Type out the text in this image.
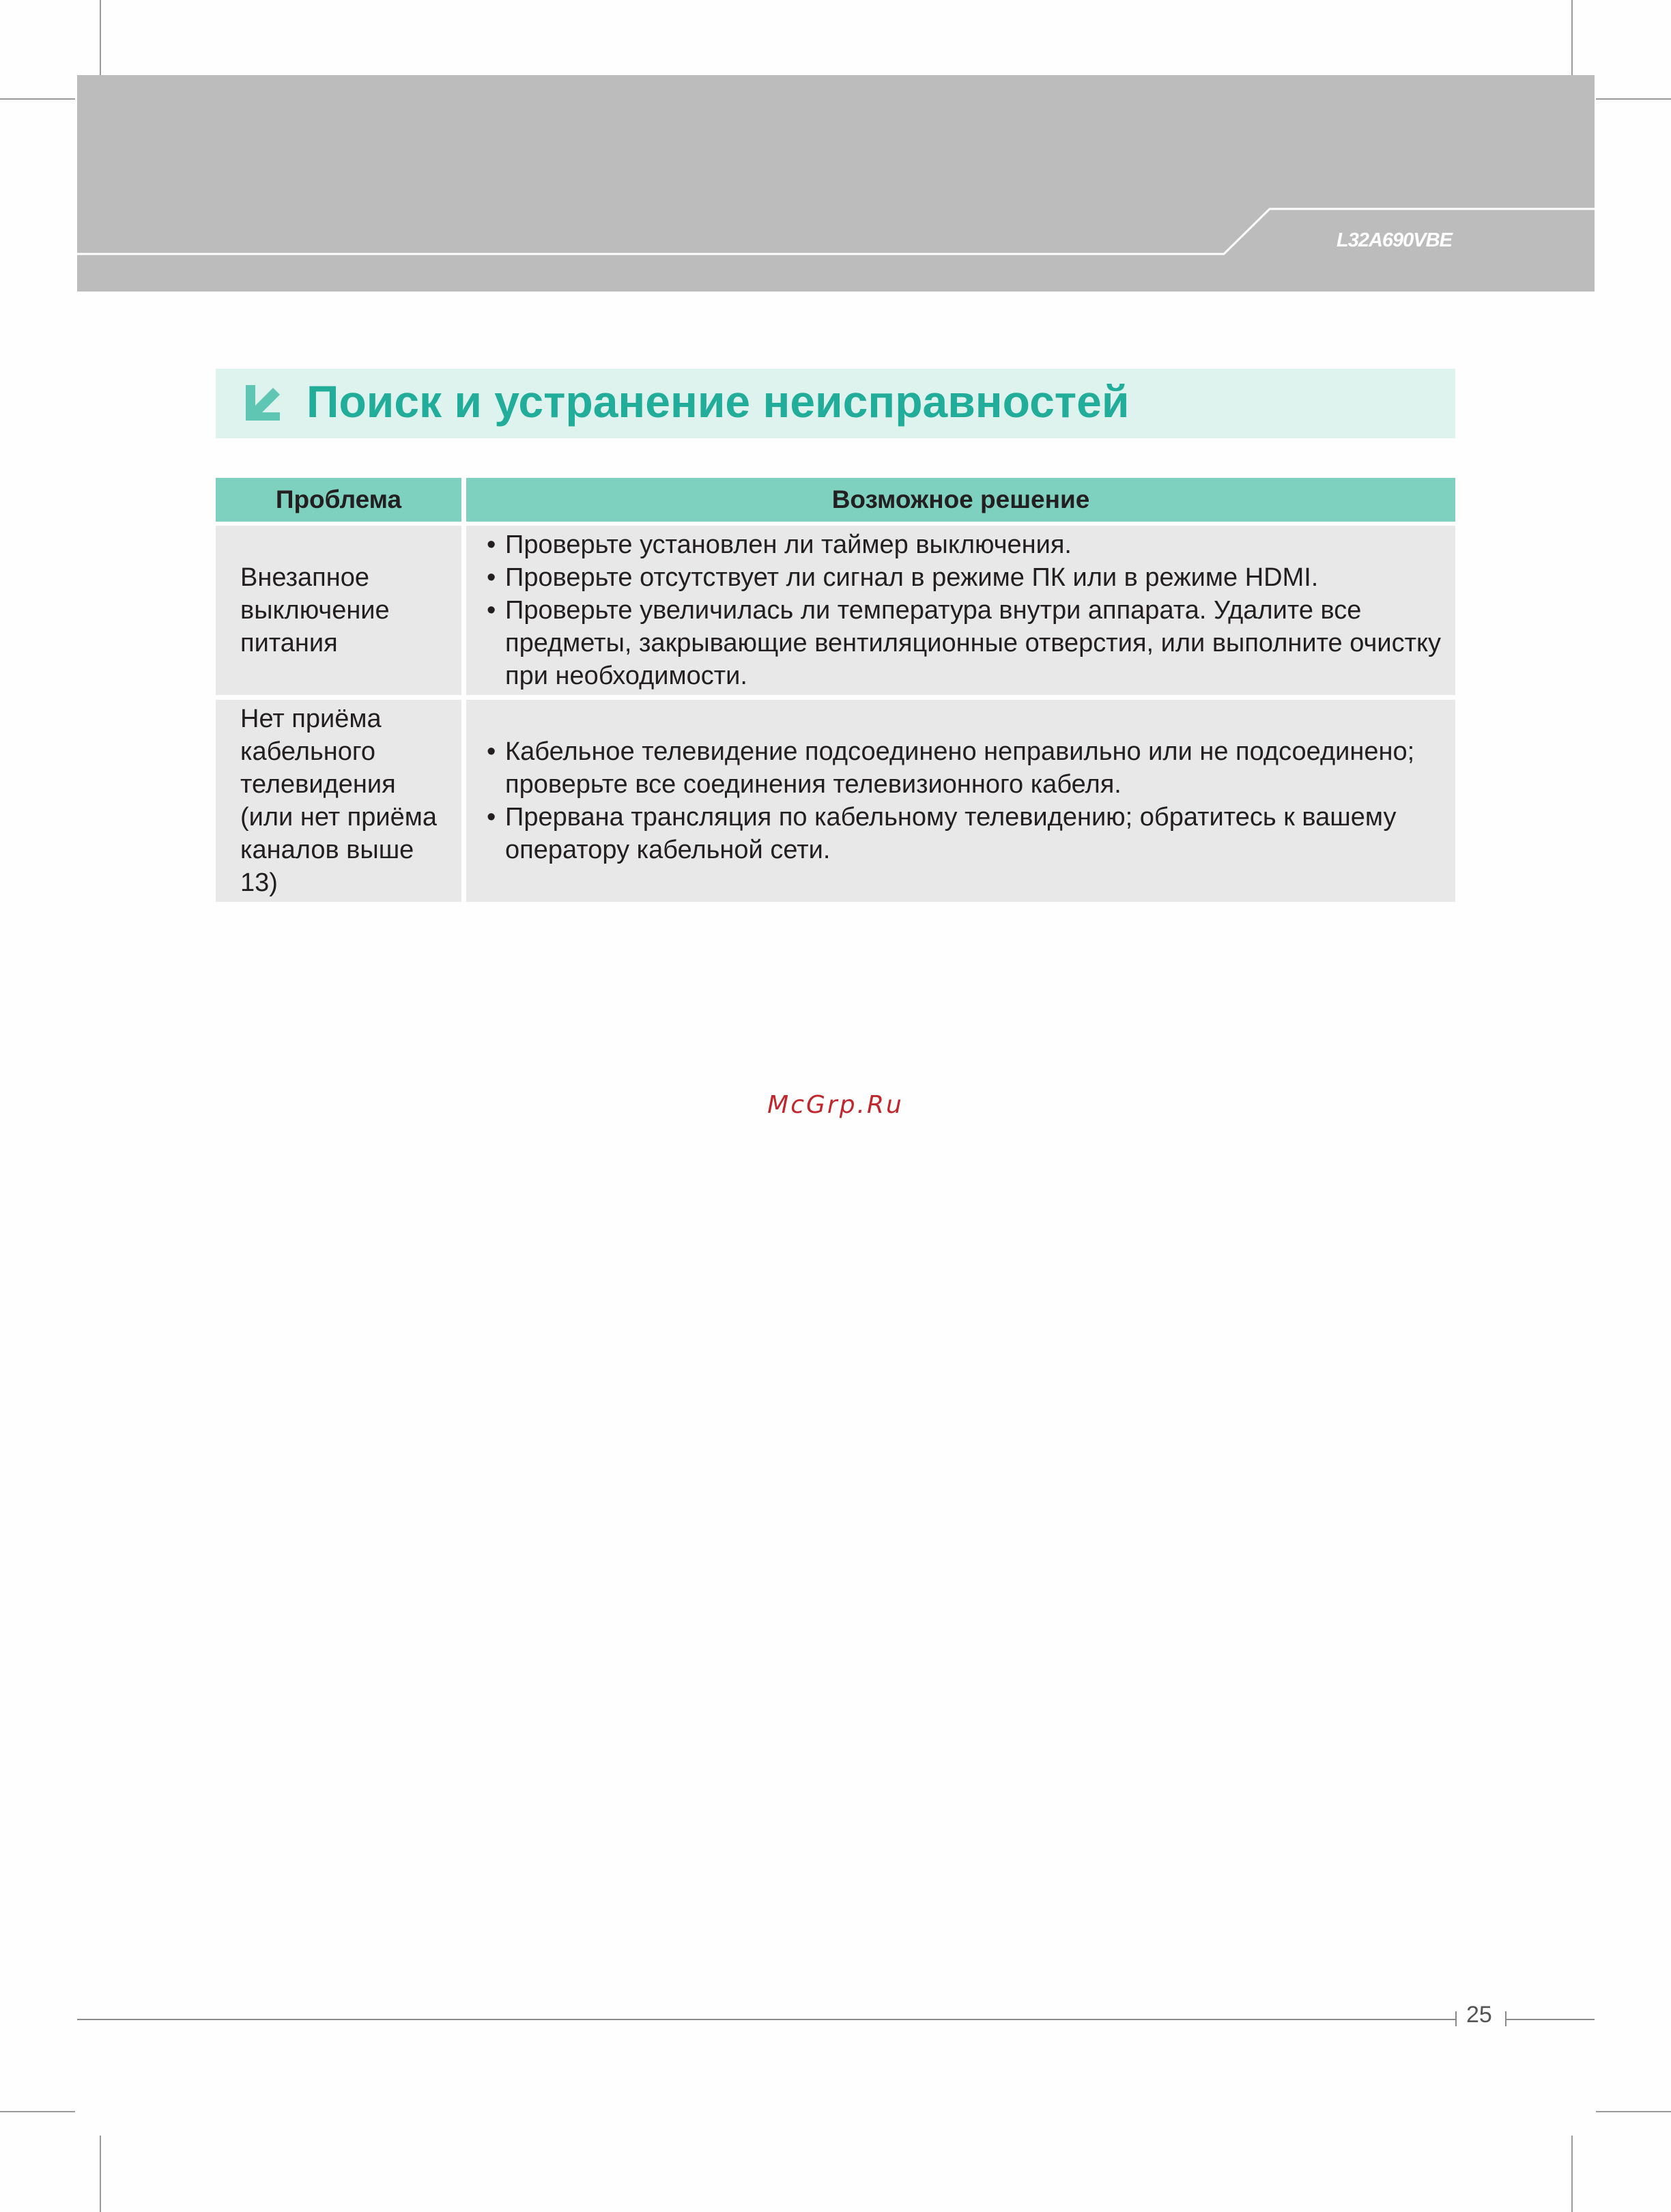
L32A690VBE
Поиск и устранение неисправностей
Проблема	Возможное решение
Внезапное
выключение
питания
• Проверьте установлен ли таймер выключения.
• Проверьте отсутствует ли сигнал в режиме ПК или в режиме HDMI.
• Проверьте увеличилась ли температура внутри аппарата. Удалите все предметы, закрывающие вентиляционные отверстия, или выполните очистку при необходимости.
Нет приёма
кабельного
телевидения
(или нет приёма
каналов выше
13)
• Кабельное телевидение подсоединено неправильно или не подсоединено; проверьте все соединения телевизионного кабеля.
• Прервана трансляция по кабельному телевидению; обратитесь к вашему оператору кабельной сети.
McGrp.Ru
25
